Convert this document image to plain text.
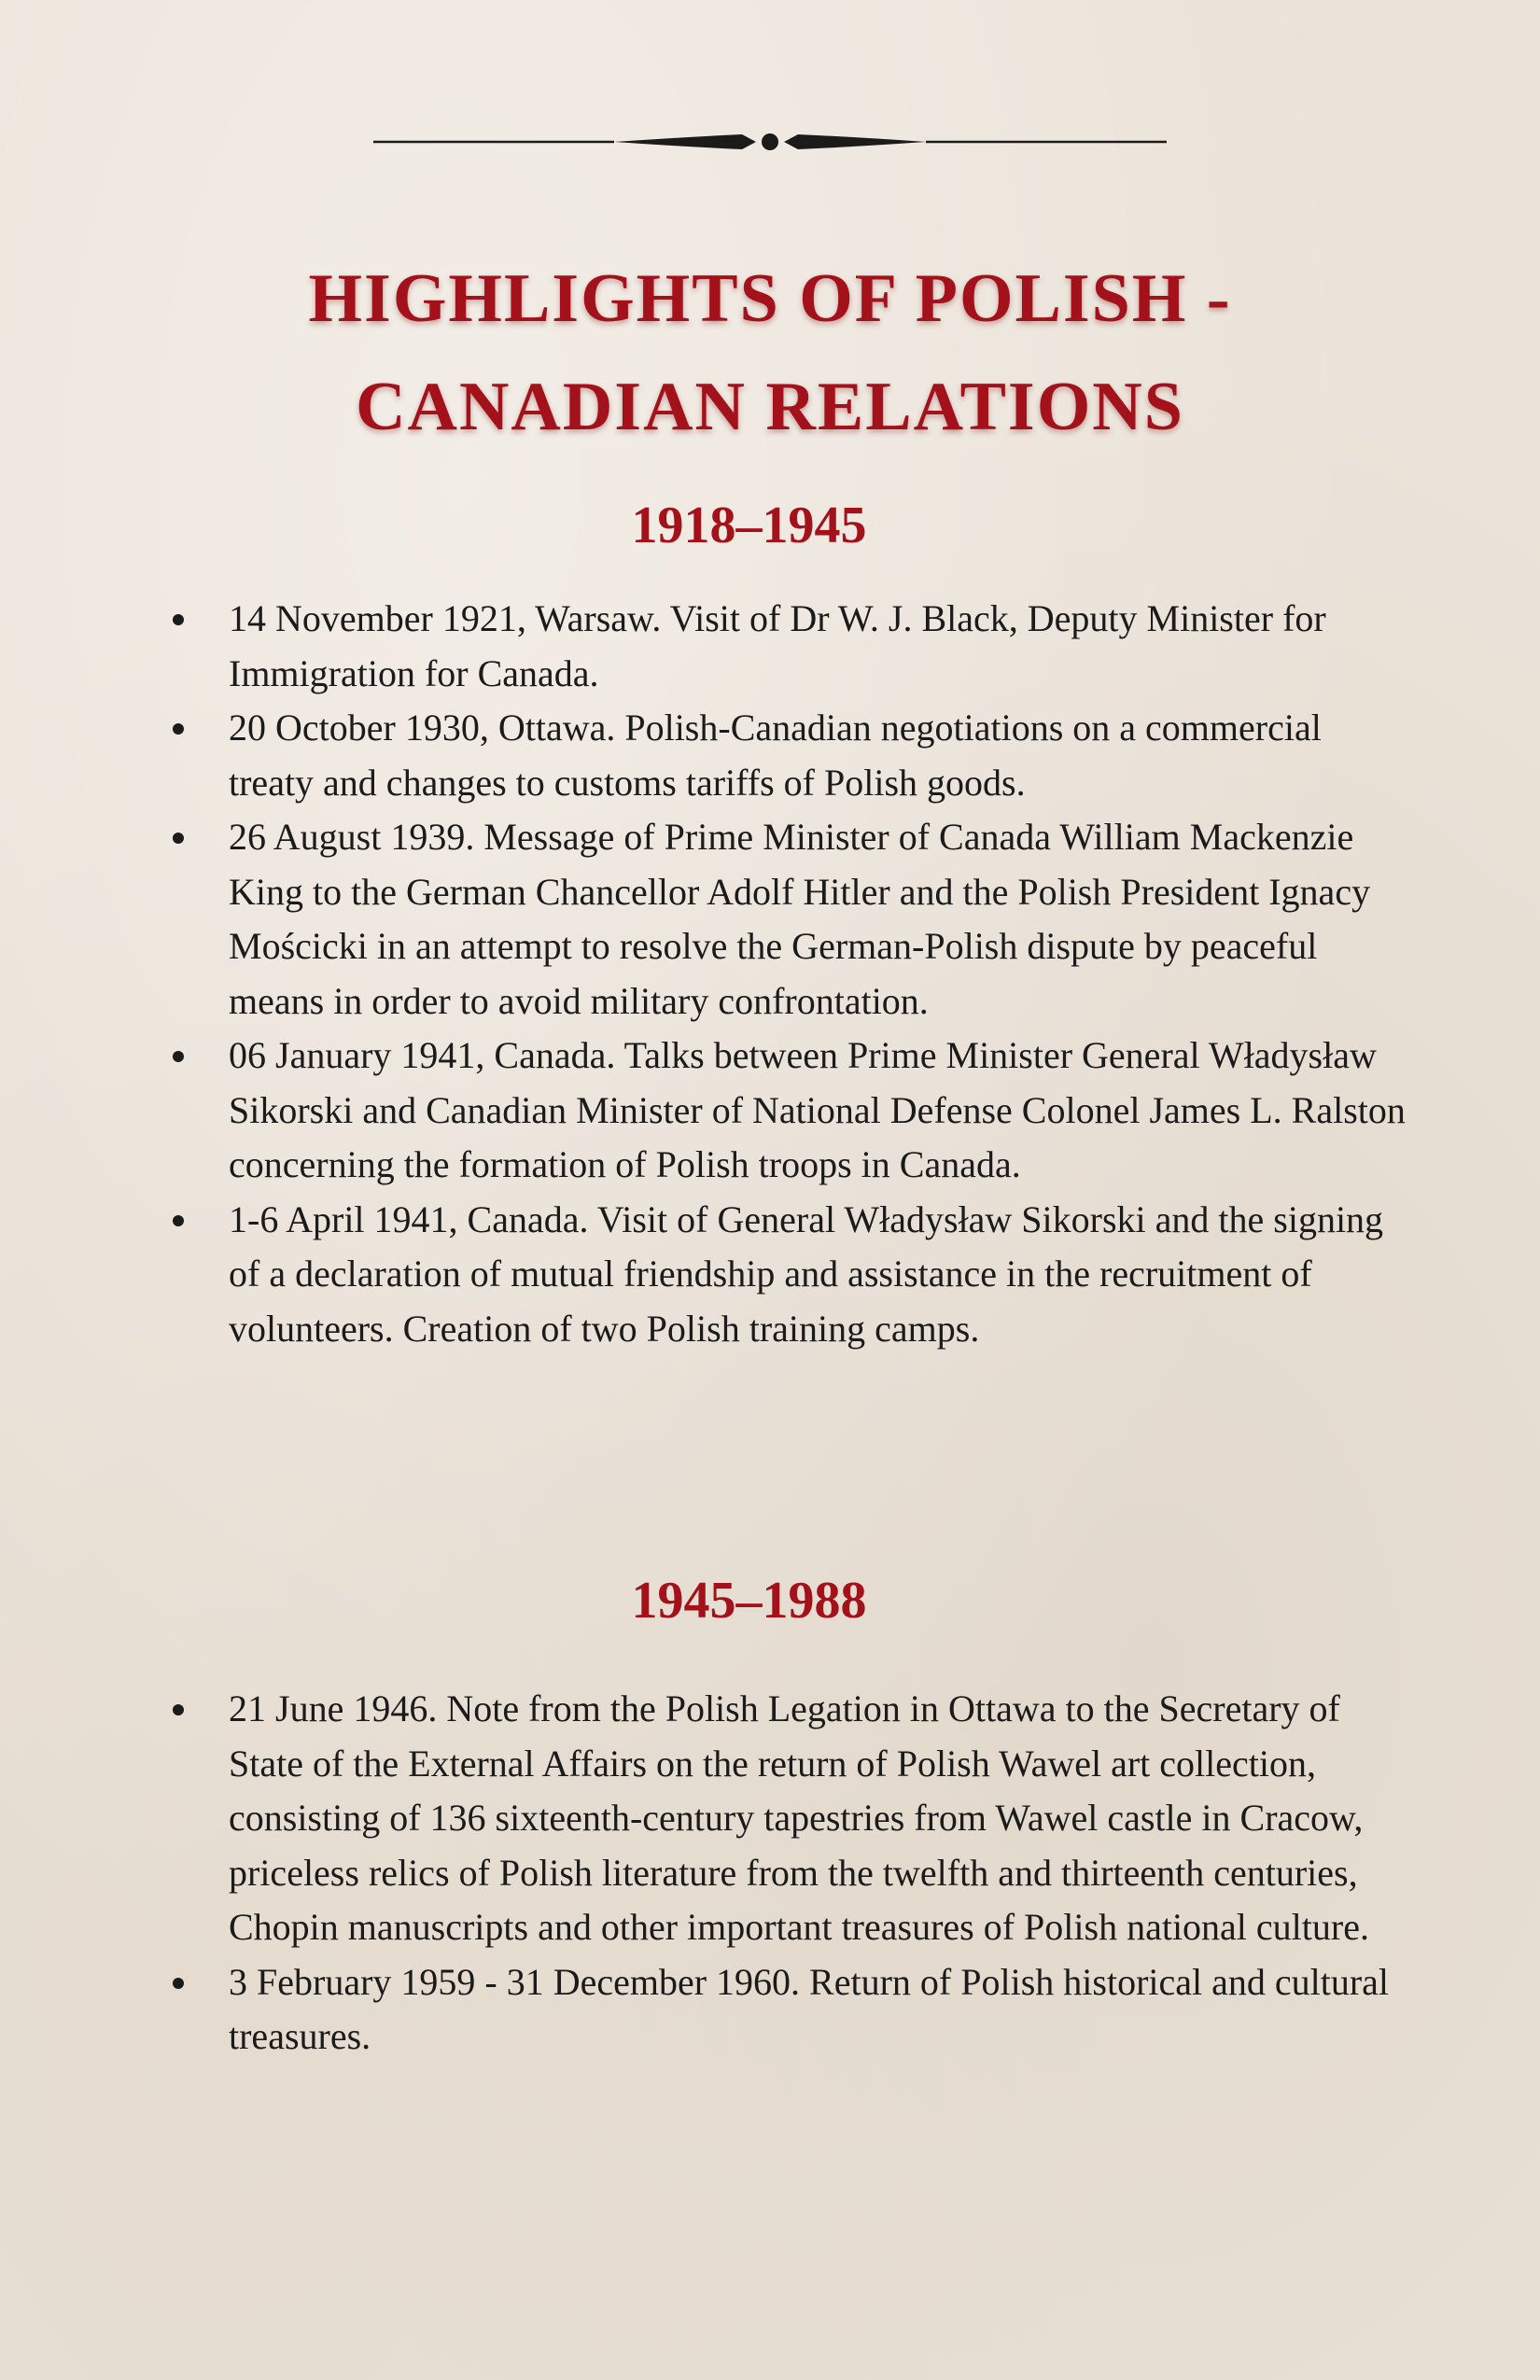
HIGHLIGHTS OF POLISH -
CANADIAN RELATIONS
1918–1945
14 November 1921, Warsaw. Visit of Dr W. J. Black, Deputy Minister for Immigration for Canada.
20 October 1930, Ottawa. Polish-Canadian negotiations on a commercial treaty and changes to customs tariffs of Polish goods.
26 August 1939. Message of Prime Minister of Canada William Mackenzie King to the German Chancellor Adolf Hitler and the Polish President Ignacy Mościcki in an attempt to resolve the German-Polish dispute by peaceful means in order to avoid military confrontation.
06 January 1941, Canada. Talks between Prime Minister General Władysław Sikorski and Canadian Minister of National Defense Colonel James L. Ralston concerning the formation of Polish troops in Canada.
1-6 April 1941, Canada. Visit of General Władysław Sikorski and the signing of a declaration of mutual friendship and assistance in the recruitment of volunteers. Creation of two Polish training camps.
1945–1988
21 June 1946. Note from the Polish Legation in Ottawa to the Secretary of State of the External Affairs on the return of Polish Wawel art collection, consisting of 136 sixteenth-century tapestries from Wawel castle in Cracow, priceless relics of Polish literature from the twelfth and thirteenth centuries, Chopin manuscripts and other important treasures of Polish national culture.
3 February 1959 - 31 December 1960. Return of Polish historical and cultural treasures.
